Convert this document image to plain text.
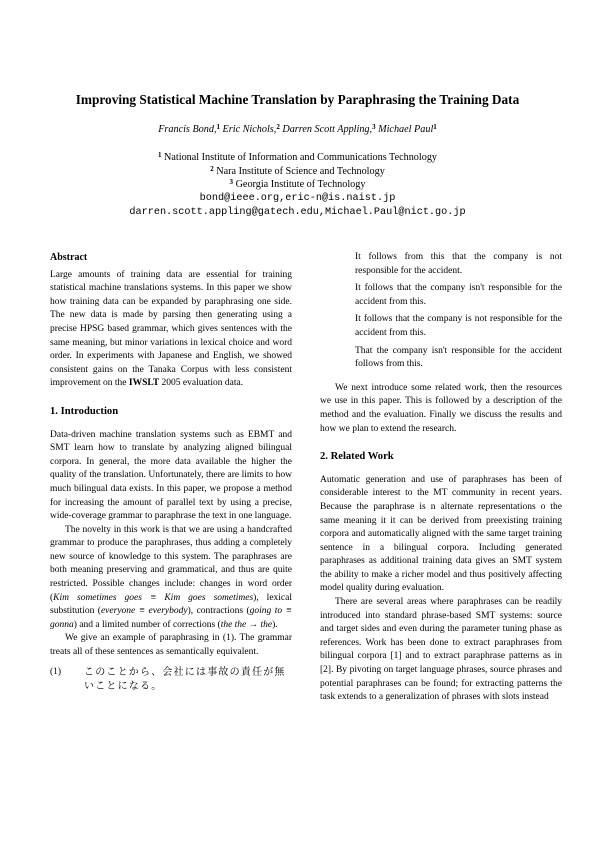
Improving Statistical Machine Translation by Paraphrasing the Training Data
Francis Bond,$^1$ Eric Nichols,$^2$ Darren Scott Appling,$^3$ Michael Paul$^1$
$^1$ National Institute of Information and Communications Technology
$^2$ Nara Institute of Science and Technology
$^3$ Georgia Institute of Technology
bond@ieee.org,eric-n@is.naist.jp
darren.scott.appling@gatech.edu,Michael.Paul@nict.go.jp

Abstract

Large amounts of training data are essential for training statistical machine translations systems. In this paper we show how training data can be expanded by paraphrasing one side. The new data is made by parsing then generating using a precise HPSG based grammar, which gives sentences with the same meaning, but minor variations in lexical choice and word order. In experiments with Japanese and English, we showed consistent gains on the Tanaka Corpus with less consistent improvement on the IWSLT 2005 evaluation data.

1. Introduction

Data-driven machine translation systems such as EBMT and SMT learn how to translate by analyzing aligned bilingual corpora. In general, the more data available the higher the quality of the translation. Unfortunately, there are limits to how much bilingual data exists. In this paper, we propose a method for increasing the amount of parallel text by using a precise, wide-coverage grammar to paraphrase the text in one language.

The novelty in this work is that we are using a handcrafted grammar to produce the paraphrases, thus adding a completely new source of knowledge to this system. The paraphrases are both meaning preserving and grammatical, and thus are quite restricted. Possible changes include: changes in word order (Kim sometimes goes ≡ Kim goes sometimes), lexical substitution (everyone ≡ everybody), contractions (going to ≡ gonna) and a limited number of corrections (the the → the).

We give an example of paraphrasing in (1). The grammar treats all of these sentences as semantically equivalent.

(1)	このことから、会社には事故の責任が無いことになる。

It follows from this that the company is not responsible for the accident.

It follows that the company isn't responsible for the accident from this.

It follows that the company is not responsible for the accident from this.

That the company isn't responsible for the accident follows from this.

We next introduce some related work, then the resources we use in this paper. This is followed by a description of the method and the evaluation. Finally we discuss the results and how we plan to extend the research.

2. Related Work

Automatic generation and use of paraphrases has been of considerable interest to the MT community in recent years. Because the paraphrase is n alternate representations o the same meaning it it can be derived from preexisting training corpora and automatically aligned with the same target training sentence in a bilingual corpora. Including generated paraphrases as additional training data gives an SMT system the ability to make a richer model and thus positively affecting model quality during evaluation.

There are several areas where paraphrases can be readily introduced into standard phrase-based SMT systems: source and target sides and even during the parameter tuning phase as references. Work has been done to extract paraphrases from bilingual corpora [1] and to extract paraphrase patterns as in [2]. By pivoting on target language phrases, source phrases and potential paraphrases can be found; for extracting patterns the task extends to a generalization of phrases with slots instead
